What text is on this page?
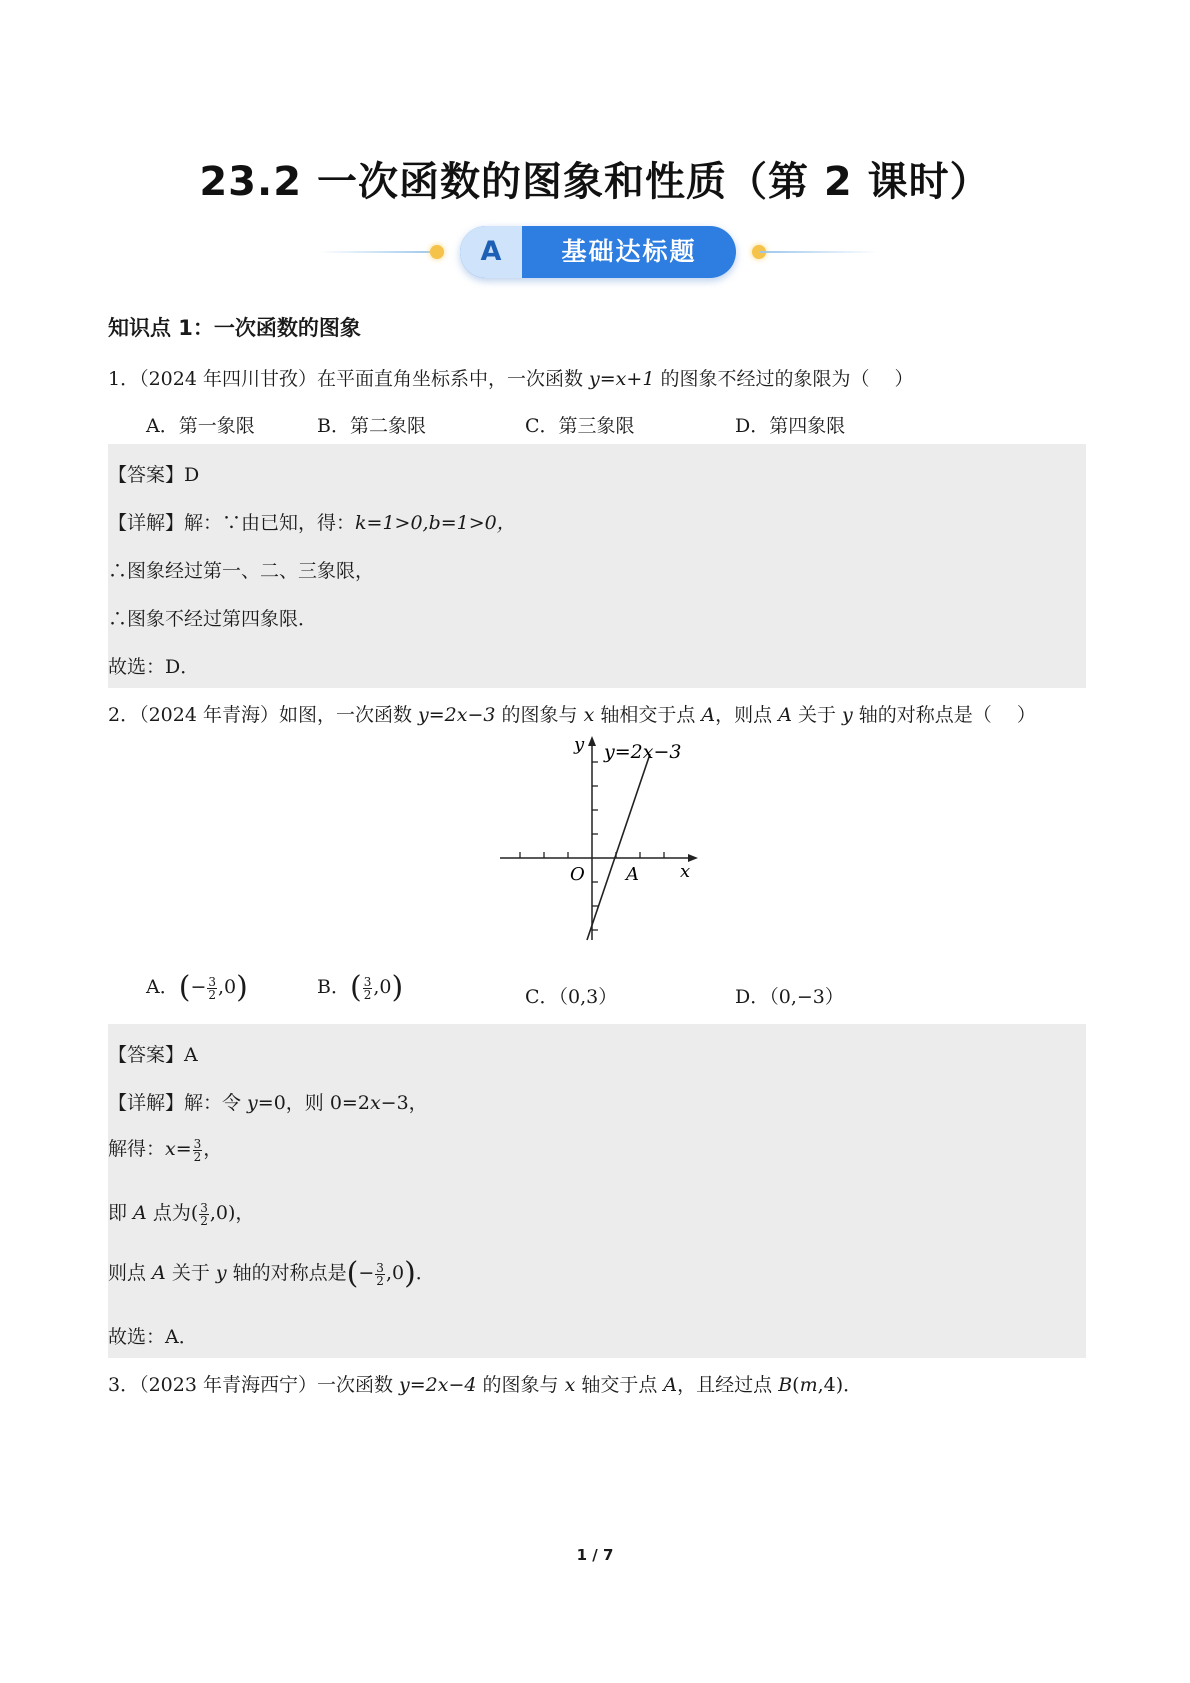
23.2 一次函数的图象和性质（第 2 课时）
A	基础达标题
知识点 1：一次函数的图象
1．（2024 年四川甘孜）在平面直角坐标系中，一次函数 y=x+1 的图象不经过的象限为（　 ）
A．第一象限	B．第二象限	C．第三象限	D．第四象限
【答案】D
【详解】解：∵由已知，得：k=1>0,b=1>0，
∴图象经过第一、二、三象限，
∴图象不经过第四象限．
故选：D．
2．（2024 年青海）如图，一次函数 y=2x−3 的图象与 x 轴相交于点 A，则点 A 关于 y 轴的对称点是（　 ）
y=2x−3
y
x
O A
A．(− $\frac{3}{2} ,0$)	B．( $\frac{3}{2} ,0$)	C．（0,3）	D．（0,−3）
【答案】A
【详解】解：令 y=0，则 0=2x−3，
解得：$x= \frac{3}{2}$ ，
即 A 点为( $\frac{3}{2} ,0$)，
则点 A 关于 y 轴的对称点是(− $\frac{3}{2} ,0$)．
故选：A．
3．（2023 年青海西宁）一次函数 y=2x−4 的图象与 x 轴交于点 A，且经过点 B(m,4)．
1 / 7
